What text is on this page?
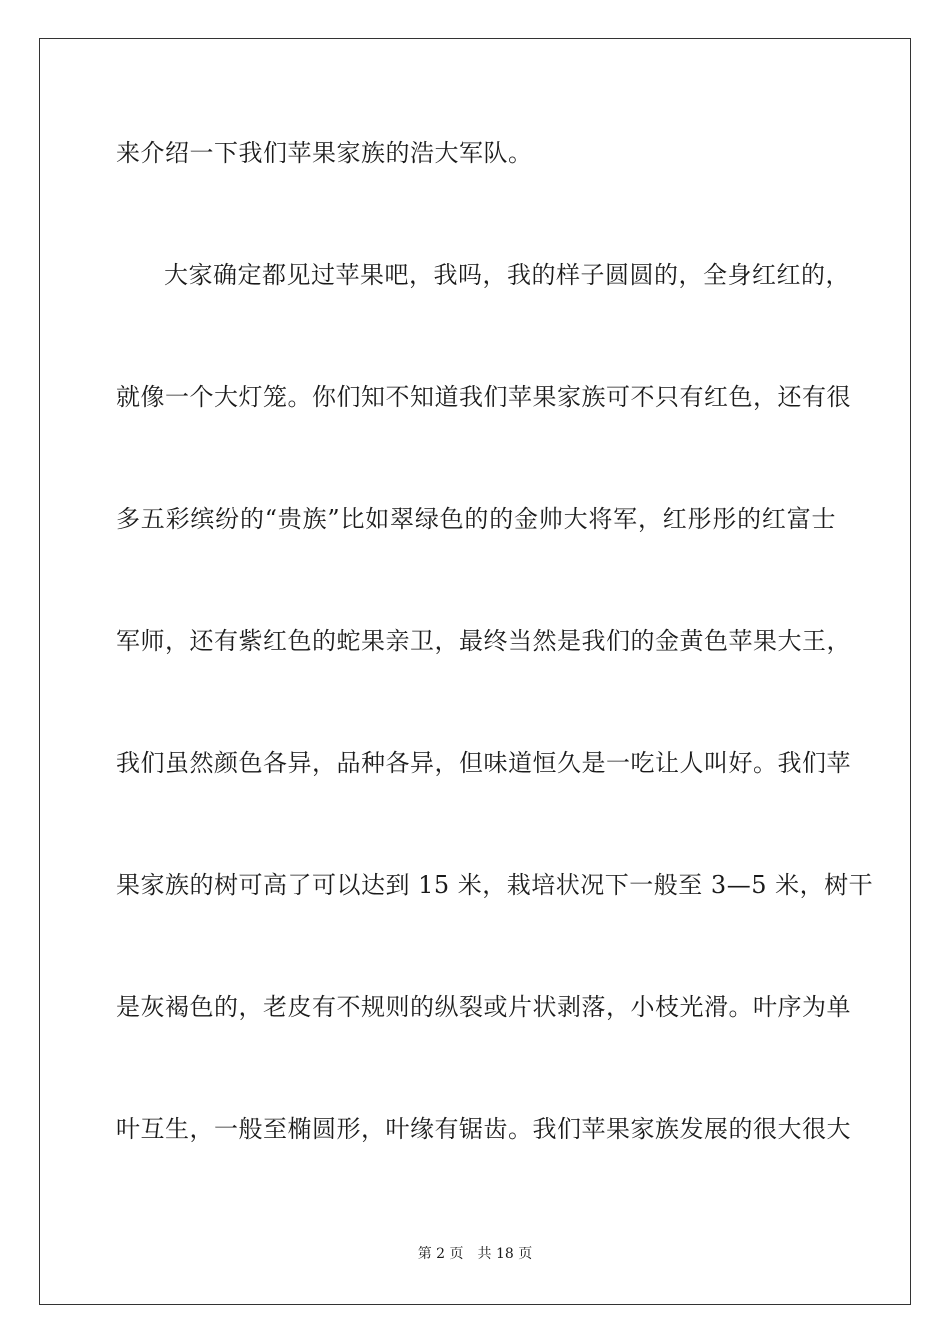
来介绍一下我们苹果家族的浩大军队。
大家确定都见过苹果吧，我吗，我的样子圆圆的，全身红红的，
就像一个大灯笼。你们知不知道我们苹果家族可不只有红色，还有很
多五彩缤纷的“贵族”比如翠绿色的的金帅大将军，红彤彤的红富士
军师，还有紫红色的蛇果亲卫，最终当然是我们的金黄色苹果大王，
我们虽然颜色各异，品种各异，但味道恒久是一吃让人叫好。我们苹
果家族的树可高了可以达到 15 米，栽培状况下一般至 3—5 米，树干
是灰褐色的，老皮有不规则的纵裂或片状剥落，小枝光滑。叶序为单
叶互生，一般至椭圆形，叶缘有锯齿。我们苹果家族发展的很大很大
第 2 页　共 18 页
